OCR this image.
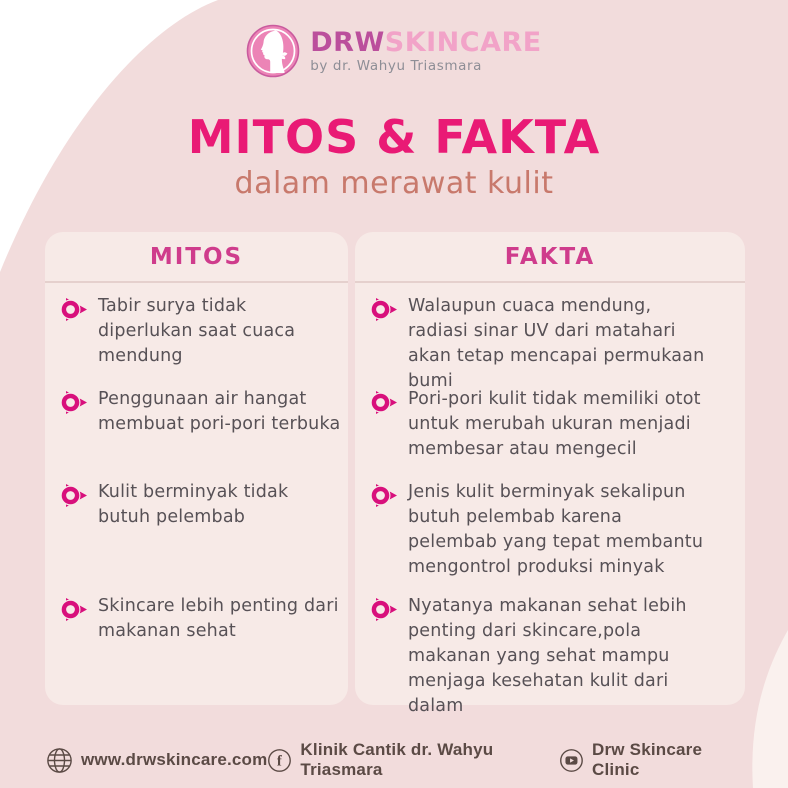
DRWSKINCARE
by dr. Wahyu Triasmara
MITOS & FAKTA
dalam merawat kulit
MITOS

Tabir surya tidak diperlukan saat cuaca mendung

Penggunaan air hangat membuat pori-pori terbuka

Kulit berminyak tidak butuh pelembab

Skincare lebih penting dari makanan sehat

FAKTA

Walaupun cuaca mendung, radiasi sinar UV dari matahari akan tetap mencapai permukaan bumi

Pori-pori kulit tidak memiliki otot untuk merubah ukuran menjadi membesar atau mengecil

Jenis kulit berminyak sekalipun butuh pelembab karena pelembab yang tepat membantu mengontrol produksi minyak

Nyatanya makanan sehat lebih penting dari skincare,pola makanan yang sehat mampu menjaga kesehatan kulit dari dalam

www.drwskincare.com f
Klinik Cantik dr. Wahyu Triasmara
Drw Skincare Clinic
